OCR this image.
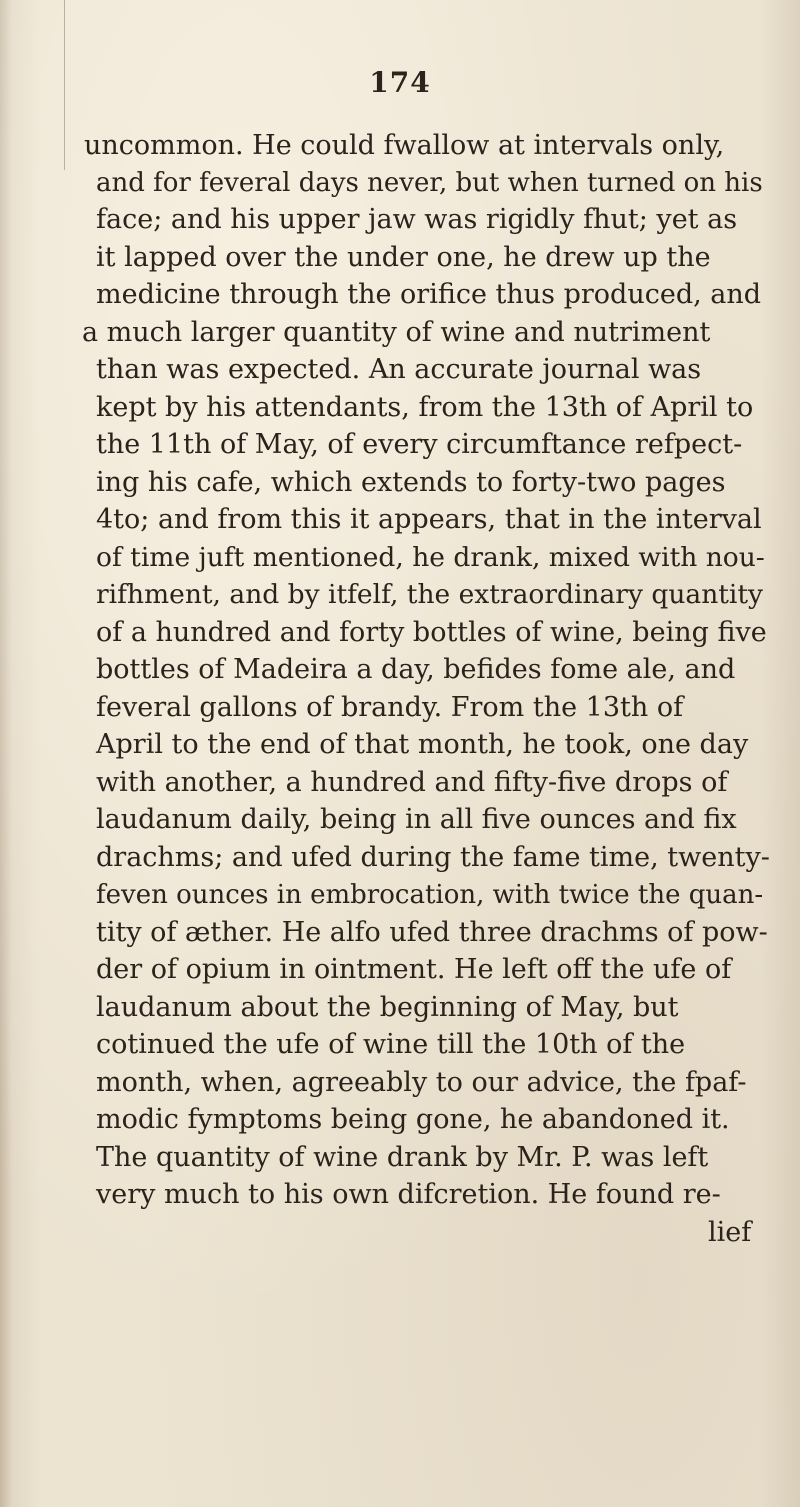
174
uncommon. He could fwallow at intervals only,
and for feveral days never, but when turned on his
face; and his upper jaw was rigidly fhut; yet as
it lapped over the under one, he drew up the
medicine through the orifice thus produced, and
a much larger quantity of wine and nutriment
than was expected. An accurate journal was
kept by his attendants, from the 13th of April to
the 11th of May, of every circumftance refpect-
ing his cafe, which extends to forty-two pages
4to; and from this it appears, that in the interval
of time juft mentioned, he drank, mixed with nou-
rifhment, and by itfelf, the extraordinary quantity
of a hundred and forty bottles of wine, being five
bottles of Madeira a day, befides fome ale, and
feveral gallons of brandy. From the 13th of
April to the end of that month, he took, one day
with another, a hundred and fifty-five drops of
laudanum daily, being in all five ounces and fix
drachms; and ufed during the fame time, twenty-
feven ounces in embrocation, with twice the quan-
tity of æther. He alfo ufed three drachms of pow-
der of opium in ointment. He left off the ufe of
laudanum about the beginning of May, but
cotinued the ufe of wine till the 10th of the
month, when, agreeably to our advice, the fpaf-
modic fymptoms being gone, he abandoned it.
The quantity of wine drank by Mr. P. was left
very much to his own difcretion. He found re-
lief
